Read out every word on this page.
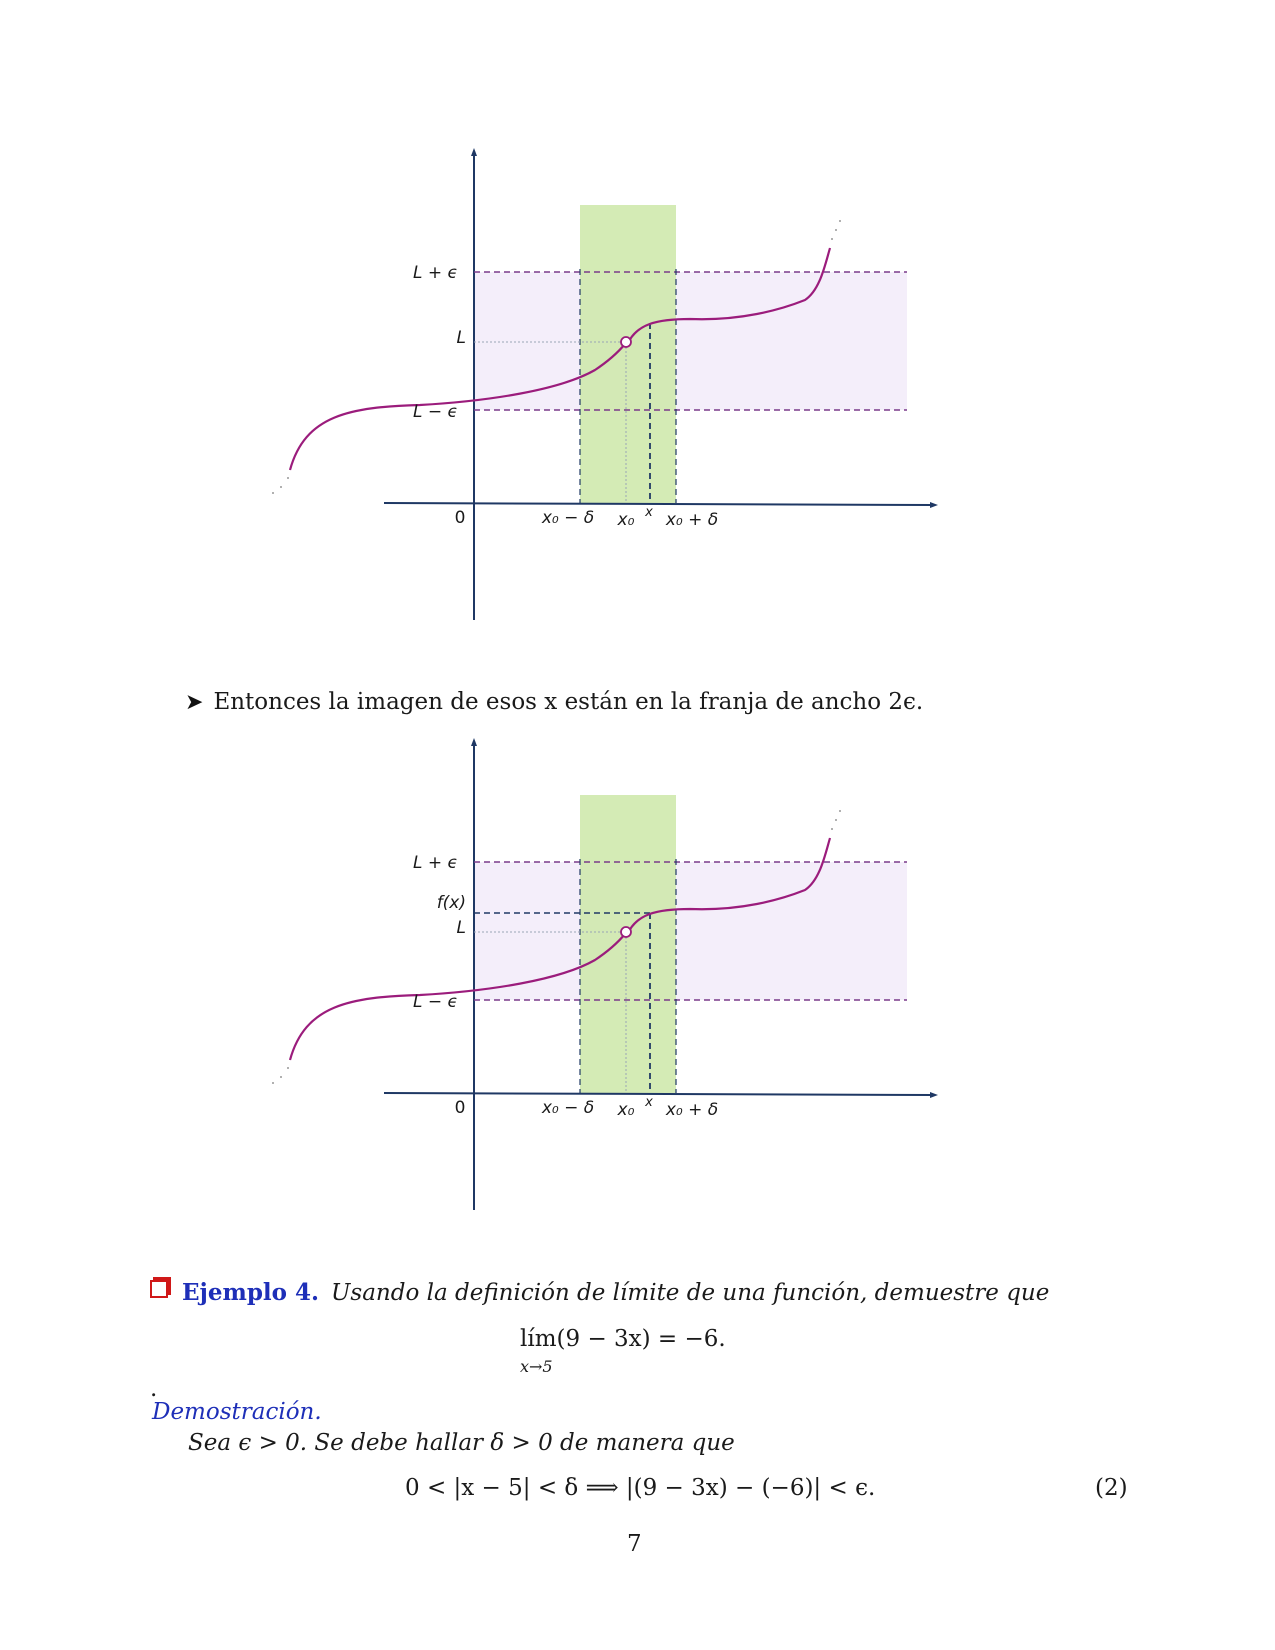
L + ϵ
L
L − ϵ
0	x₀ − δ x₀ x x₀ + δ
➤ Entonces la imagen de esos x están en la franja de ancho 2ϵ.
L + ϵ
f(x)
L
L − ϵ
0	x₀ − δ x₀ x x₀ + δ
Ejemplo 4. Usando la definición de límite de una función, demuestre que
lím(9 − 3x) = −6.
x→5
.
Demostración.
Sea ϵ > 0. Se debe hallar δ > 0 de manera que
0 < |x − 5| < δ ⟹ |(9 − 3x) − (−6)| < ϵ.	(2)
7
